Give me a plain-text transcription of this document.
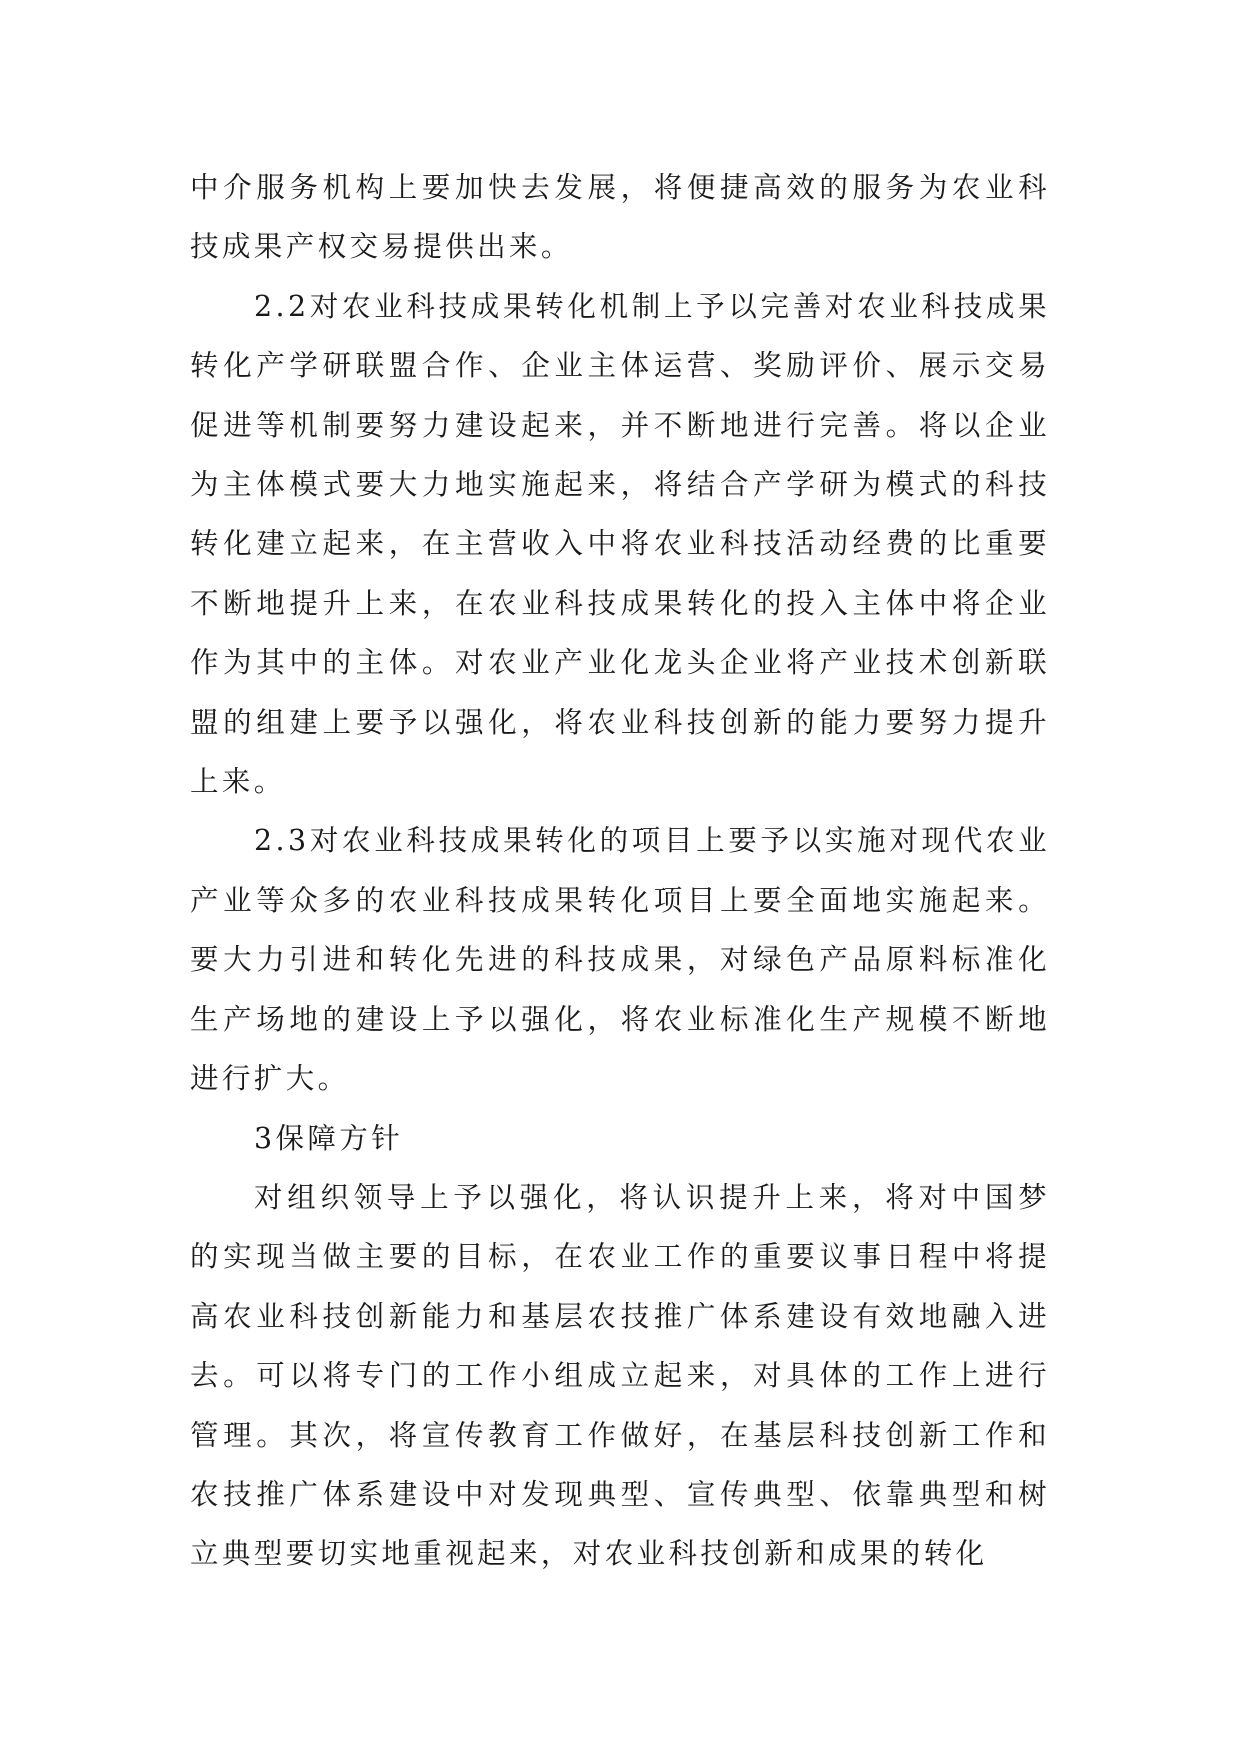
中介服务机构上要加快去发展，将便捷高效的服务为农业科技成果产权交易提供出来。

2.2对农业科技成果转化机制上予以完善对农业科技成果转化产学研联盟合作、企业主体运营、奖励评价、展示交易促进等机制要努力建设起来，并不断地进行完善。将以企业为主体模式要大力地实施起来，将结合产学研为模式的科技转化建立起来，在主营收入中将农业科技活动经费的比重要不断地提升上来，在农业科技成果转化的投入主体中将企业作为其中的主体。对农业产业化龙头企业将产业技术创新联盟的组建上要予以强化，将农业科技创新的能力要努力提升上来。

2.3对农业科技成果转化的项目上要予以实施对现代农业产业等众多的农业科技成果转化项目上要全面地实施起来。要大力引进和转化先进的科技成果，对绿色产品原料标准化生产场地的建设上予以强化，将农业标准化生产规模不断地进行扩大。

3保障方针

对组织领导上予以强化，将认识提升上来，将对中国梦的实现当做主要的目标，在农业工作的重要议事日程中将提高农业科技创新能力和基层农技推广体系建设有效地融入进去。可以将专门的工作小组成立起来，对具体的工作上进行管理。其次，将宣传教育工作做好，在基层科技创新工作和农技推广体系建设中对发现典型、宣传典型、依靠典型和树立典型要切实地重视起来，对农业科技创新和成果的转化
